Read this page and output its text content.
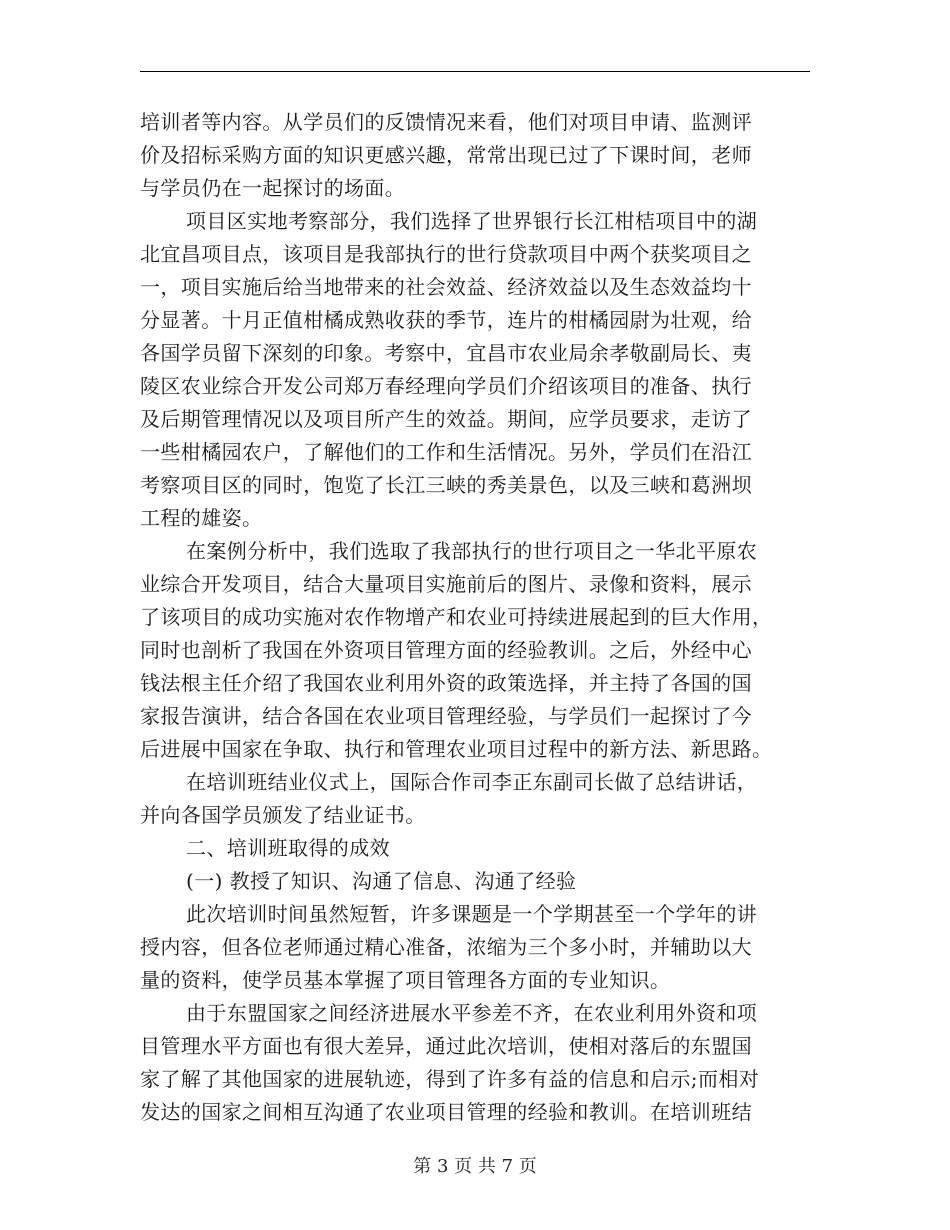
培训者等内容。从学员们的反馈情况来看，他们对项目申请、监测评
价及招标采购方面的知识更感兴趣，常常出现已过了下课时间，老师
与学员仍在一起探讨的场面。
项目区实地考察部分，我们选择了世界银行长江柑桔项目中的湖
北宜昌项目点，该项目是我部执行的世行贷款项目中两个获奖项目之
一，项目实施后给当地带来的社会效益、经济效益以及生态效益均十
分显著。十月正值柑橘成熟收获的季节，连片的柑橘园尉为壮观，给
各国学员留下深刻的印象。考察中，宜昌市农业局余孝敬副局长、夷
陵区农业综合开发公司郑万春经理向学员们介绍该项目的准备、执行
及后期管理情况以及项目所产生的效益。期间，应学员要求，走访了
一些柑橘园农户，了解他们的工作和生活情况。另外，学员们在沿江
考察项目区的同时，饱览了长江三峡的秀美景色，以及三峡和葛洲坝
工程的雄姿。
在案例分析中，我们选取了我部执行的世行项目之一华北平原农
业综合开发项目，结合大量项目实施前后的图片、录像和资料，展示
了该项目的成功实施对农作物增产和农业可持续进展起到的巨大作用，
同时也剖析了我国在外资项目管理方面的经验教训。之后，外经中心
钱法根主任介绍了我国农业利用外资的政策选择，并主持了各国的国
家报告演讲，结合各国在农业项目管理经验，与学员们一起探讨了今
后进展中国家在争取、执行和管理农业项目过程中的新方法、新思路。
在培训班结业仪式上，国际合作司李正东副司长做了总结讲话，
并向各国学员颁发了结业证书。
二、培训班取得的成效
(一) 教授了知识、沟通了信息、沟通了经验
此次培训时间虽然短暂，许多课题是一个学期甚至一个学年的讲
授内容，但各位老师通过精心准备，浓缩为三个多小时，并辅助以大
量的资料，使学员基本掌握了项目管理各方面的专业知识。
由于东盟国家之间经济进展水平参差不齐，在农业利用外资和项
目管理水平方面也有很大差异，通过此次培训，使相对落后的东盟国
家了解了其他国家的进展轨迹，得到了许多有益的信息和启示;而相对
发达的国家之间相互沟通了农业项目管理的经验和教训。在培训班结
第 3 页 共 7 页
